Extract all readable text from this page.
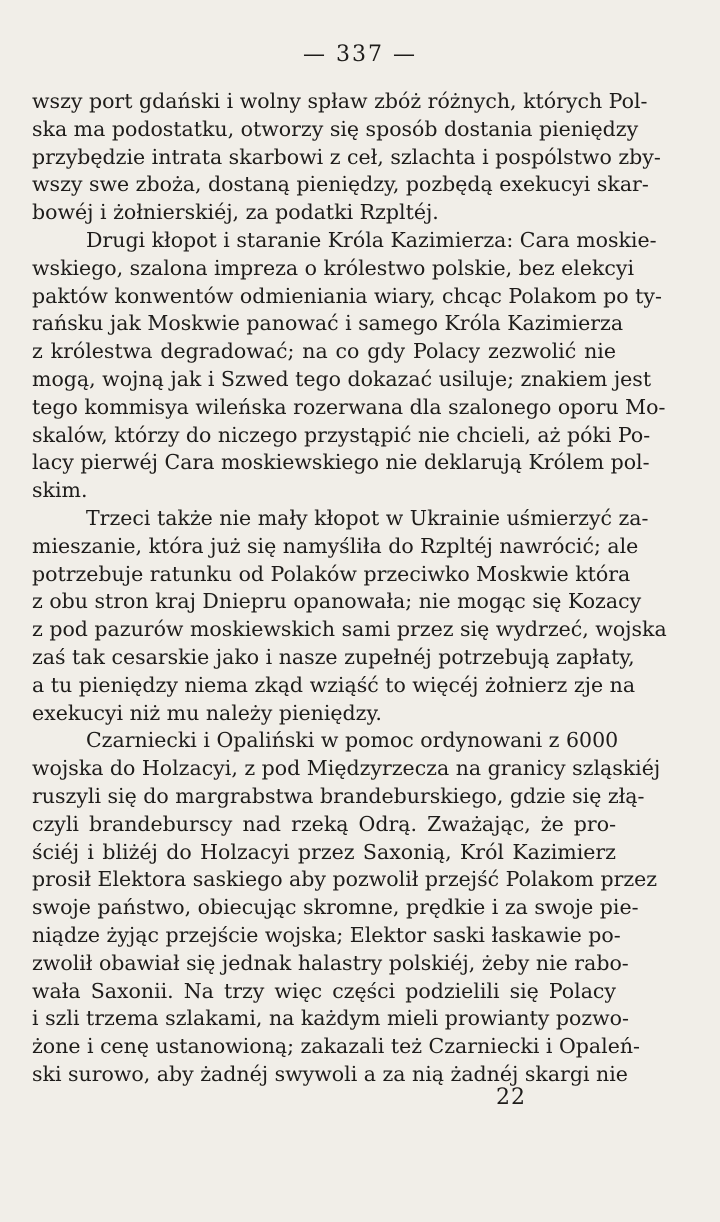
— 337 —
wszy port gdański i wolny spław zbóż różnych, których Pol-
ska ma podostatku, otworzy się sposób dostania pieniędzy
przybędzie intrata skarbowi z ceł, szlachta i pospólstwo zby-
wszy swe zboża, dostaną pieniędzy, pozbędą exekucyi skar-
bowéj i żołnierskiéj, za podatki Rzpltéj.
Drugi kłopot i staranie Króla Kazimierza: Cara moskie-
wskiego, szalona impreza o królestwo polskie, bez elekcyi
paktów konwentów odmieniania wiary, chcąc Polakom po ty-
rańsku jak Moskwie panować i samego Króla Kazimierza
z królestwa degradować; na co gdy Polacy zezwolić nie
mogą, wojną jak i Szwed tego dokazać usiluje; znakiem jest
tego kommisya wileńska rozerwana dla szalonego oporu Mo-
skalów, którzy do niczego przystąpić nie chcieli, aż póki Po-
lacy pierwéj Cara moskiewskiego nie deklarują Królem pol-
skim.
Trzeci także nie mały kłopot w Ukrainie uśmierzyć za-
mieszanie, która już się namyśliła do Rzpltéj nawrócić; ale
potrzebuje ratunku od Polaków przeciwko Moskwie która
z obu stron kraj Dniepru opanowała; nie mogąc się Kozacy
z pod pazurów moskiewskich sami przez się wydrzeć, wojska
zaś tak cesarskie jako i nasze zupełnéj potrzebują zapłaty,
a tu pieniędzy niema zkąd wziąść to więcéj żołnierz zje na
exekucyi niż mu należy pieniędzy.
Czarniecki i Opaliński w pomoc ordynowani z 6000
wojska do Holzacyi, z pod Międzyrzecza na granicy szląskiéj
ruszyli się do margrabstwa brandeburskiego, gdzie się złą-
czyli brandeburscy nad rzeką Odrą. Zważając, że pro-
ściéj i bliżéj do Holzacyi przez Saxonią, Król Kazimierz
prosił Elektora saskiego aby pozwolił przejść Polakom przez
swoje państwo, obiecując skromne, prędkie i za swoje pie-
niądze żyjąc przejście wojska; Elektor saski łaskawie po-
zwolił obawiał się jednak halastry polskiéj, żeby nie rabo-
wała Saxonii. Na trzy więc części podzielili się Polacy
i szli trzema szlakami, na każdym mieli prowianty pozwo-
żone i cenę ustanowioną; zakazali też Czarniecki i Opaleń-
ski surowo, aby żadnéj swywoli a za nią żadnéj skargi nie
22
